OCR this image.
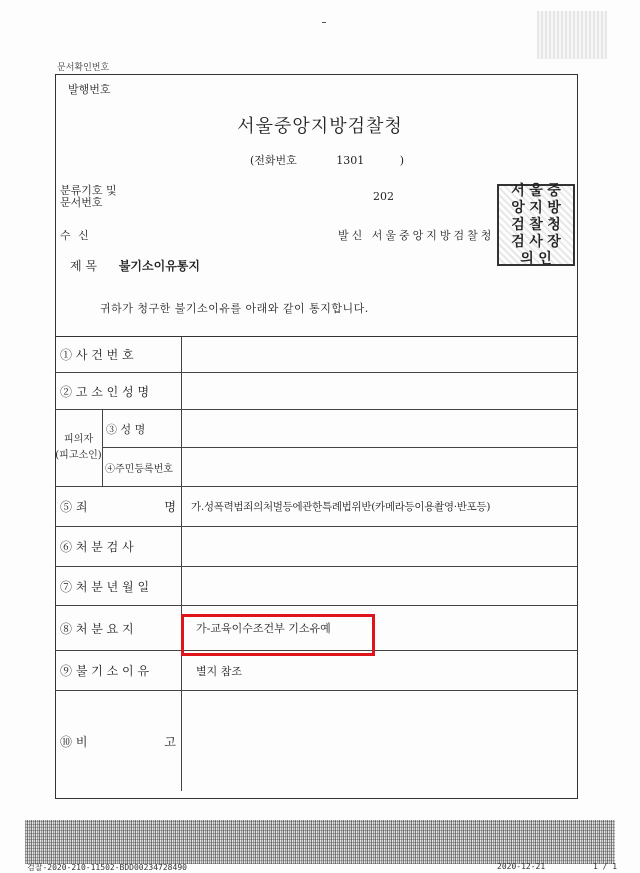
문서확인번호
발행번호
서울중앙지방검찰청
(전화번호	1301	)
분류기호 및
문서번호	202
수 신	발신 서울중앙지방검찰청
제 목 불기소이유통지
귀하가 청구한 불기소이유를 아래와 같이 통지합니다.
서 울 중
앙 지 방
검 찰 청
검 사 장
의 인
① 사 건 번 호
② 고 소 인 성 명
피의자
(피고소인)
③ 성 명
④주민등록번호
⑤ 죄	명	가.성폭력범죄의처벌등에관한특례법위반(카메라등이용촬영·반포등)
⑥ 처 분 검 사
⑦ 처 분 년 월 일
⑧ 처 분 요 지	가-교육이수조건부 기소유예
⑨ 불 기 소 이 유	별지 참조
⑩ 비	고
검찰-2020-210-11502-BDD00234728490	2020-12-21	1 / 1
